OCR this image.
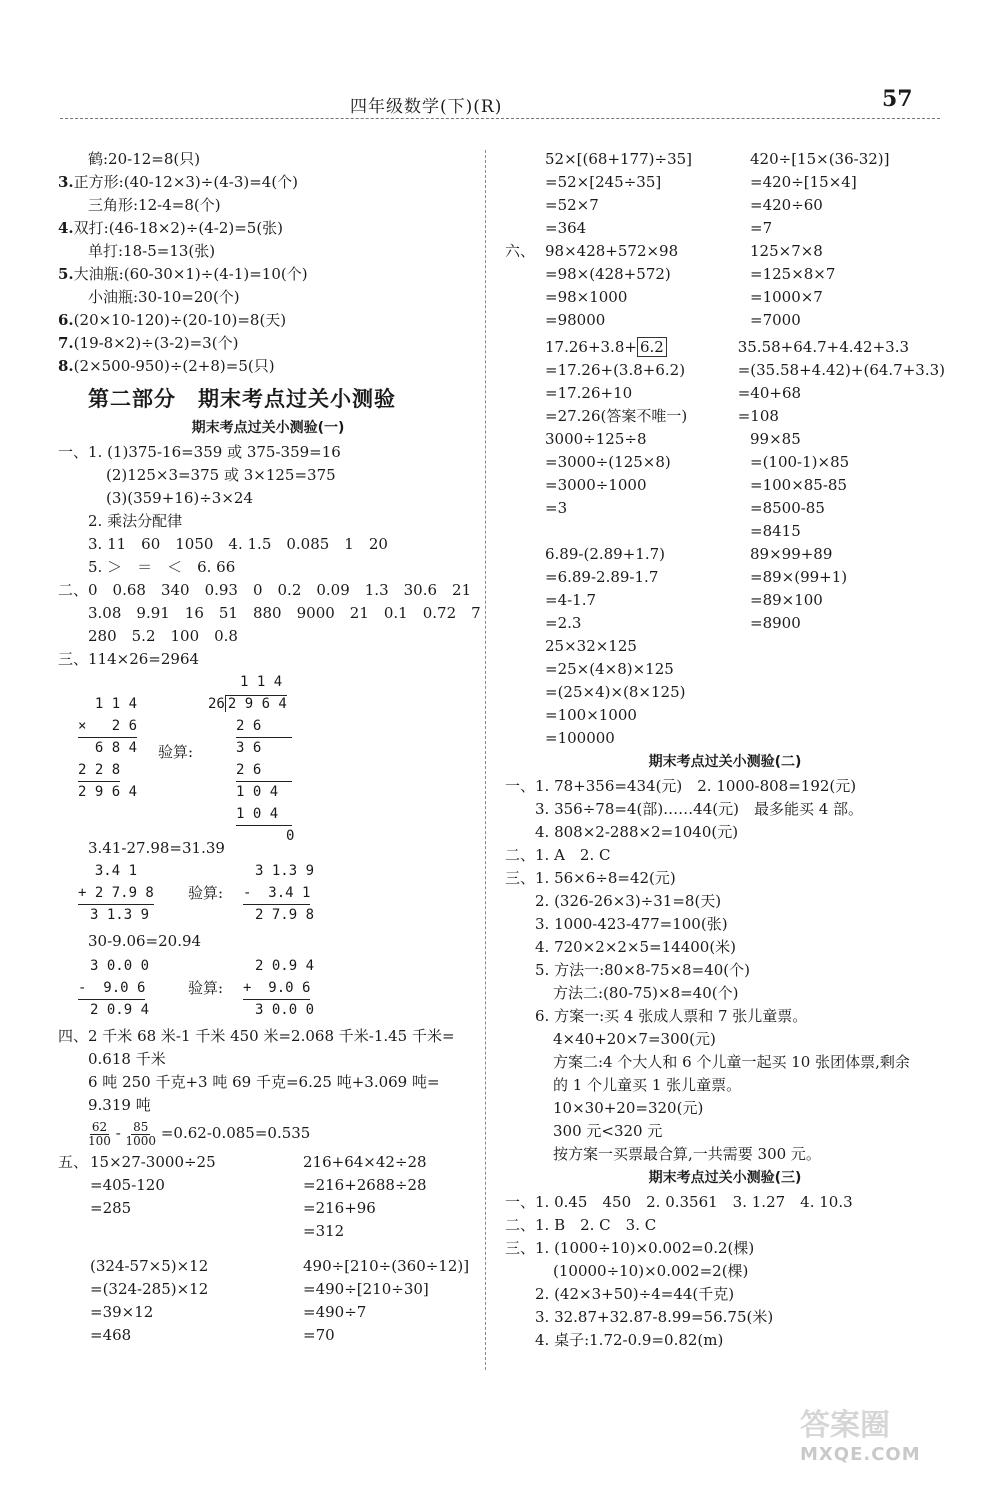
四年级数学(下)(R)	57
鹤:20-12=8(只)
3.正方形:(40-12×3)÷(4-3)=4(个)
三角形:12-4=8(个)
4.双打:(46-18×2)÷(4-2)=5(张)
单打:18-5=13(张)
5.大油瓶:(60-30×1)÷(4-1)=10(个)
小油瓶:30-10=20(个)
6.(20×10-120)÷(20-10)=8(天)
7.(19-8×2)÷(3-2)=3(个)
8.(2×500-950)÷(2+8)=5(只)
第二部分　期末考点过关小测验
期末考点过关小测验(一)
一、1. (1)375-16=359 或 375-359=16
(2)125×3=375 或 3×125=375
(3)(359+16)÷3×24
2. 乘法分配律
3. 11　60　1050　4. 1.5　0.085　1　20
5. ＞　＝　＜　6. 66
二、0　0.68　340　0.93　0　0.2　0.09　1.3　30.6　21
3.08　9.91　16　51　880　9000　21　0.1　0.72　7
280　5.2　100　0.8
三、114×26=2964
1 1 4
×   2 6
6 8 4
2 2 8
2 9 6 4
验算:
1 1 4
26 2 9 6 4
2 6
3 6
2 6
1 0 4
1 0 4
0
3.41-27.98=31.39
3.4 1
+ 2 7.9 8
3 1.3 9
验算:
3 1.3 9
-  3.4 1
2 7.9 8
30-9.06=20.94
3 0.0 0
-  9.0 6
2 0.9 4
验算:
2 0.9 4
+  9.0 6
3 0.0 0
四、2 千米 68 米-1 千米 450 米=2.068 千米-1.45 千米=
0.618 千米
6 吨 250 千克+3 吨 69 千克=6.25 吨+3.069 吨=
9.319 吨
$\frac{62}{100} - \frac{85}{1000} =0.62-0.085=0.535$
五、 15×27-3000÷25
=405-120
=285
216+64×42÷28
=216+2688÷28
=216+96
=312
(324-57×5)×12
=(324-285)×12
=39×12
=468
490÷[210÷(360÷12)]
=490÷[210÷30]
=490÷7
=70
52×[(68+177)÷35]
=52×[245÷35]
=52×7
=364
420÷[15×(36-32)]
=420÷[15×4]
=420÷60
=7
六、 98×428+572×98
=98×(428+572)
=98×1000
=98000
125×7×8
=125×8×7
=1000×7
=7000
17.26+3.8+ 6.2
=17.26+(3.8+6.2)
=17.26+10
=27.26(答案不唯一)
35.58+64.7+4.42+3.3
=(35.58+4.42)+(64.7+3.3)
=40+68
=108
3000÷125÷8
=3000÷(125×8)
=3000÷1000
=3
99×85
=(100-1)×85
=100×85-85
=8500-85
=8415
6.89-(2.89+1.7)
=6.89-2.89-1.7
=4-1.7
=2.3
89×99+89
=89×(99+1)
=89×100
=8900
25×32×125
=25×(4×8)×125
=(25×4)×(8×125)
=100×1000
=100000
期末考点过关小测验(二)
一、1. 78+356=434(元)　2. 1000-808=192(元)
3. 356÷78=4(部)……44(元)　最多能买 4 部。
4. 808×2-288×2=1040(元)
二、1. A　2. C
三、1. 56×6÷8=42(元)
2. (326-26×3)÷31=8(天)
3. 1000-423-477=100(张)
4. 720×2×2×5=14400(米)
5. 方法一:80×8-75×8=40(个)
方法二:(80-75)×8=40(个)
6. 方案一:买 4 张成人票和 7 张儿童票。
4×40+20×7=300(元)
方案二:4 个大人和 6 个儿童一起买 10 张团体票,剩余
的 1 个儿童买 1 张儿童票。
10×30+20=320(元)
300 元<320 元
按方案一买票最合算,一共需要 300 元。
期末考点过关小测验(三)
一、1. 0.45　450　2. 0.3561　3. 1.27　4. 10.3
二、1. B　2. C　3. C
三、1. (1000÷10)×0.002=0.2(棵)
(10000÷10)×0.002=2(棵)
2. (42×3+50)÷4=44(千克)
3. 32.87+32.87-8.99=56.75(米)
4. 桌子:1.72-0.9=0.82(m)
答案圈
MXQE.COM
